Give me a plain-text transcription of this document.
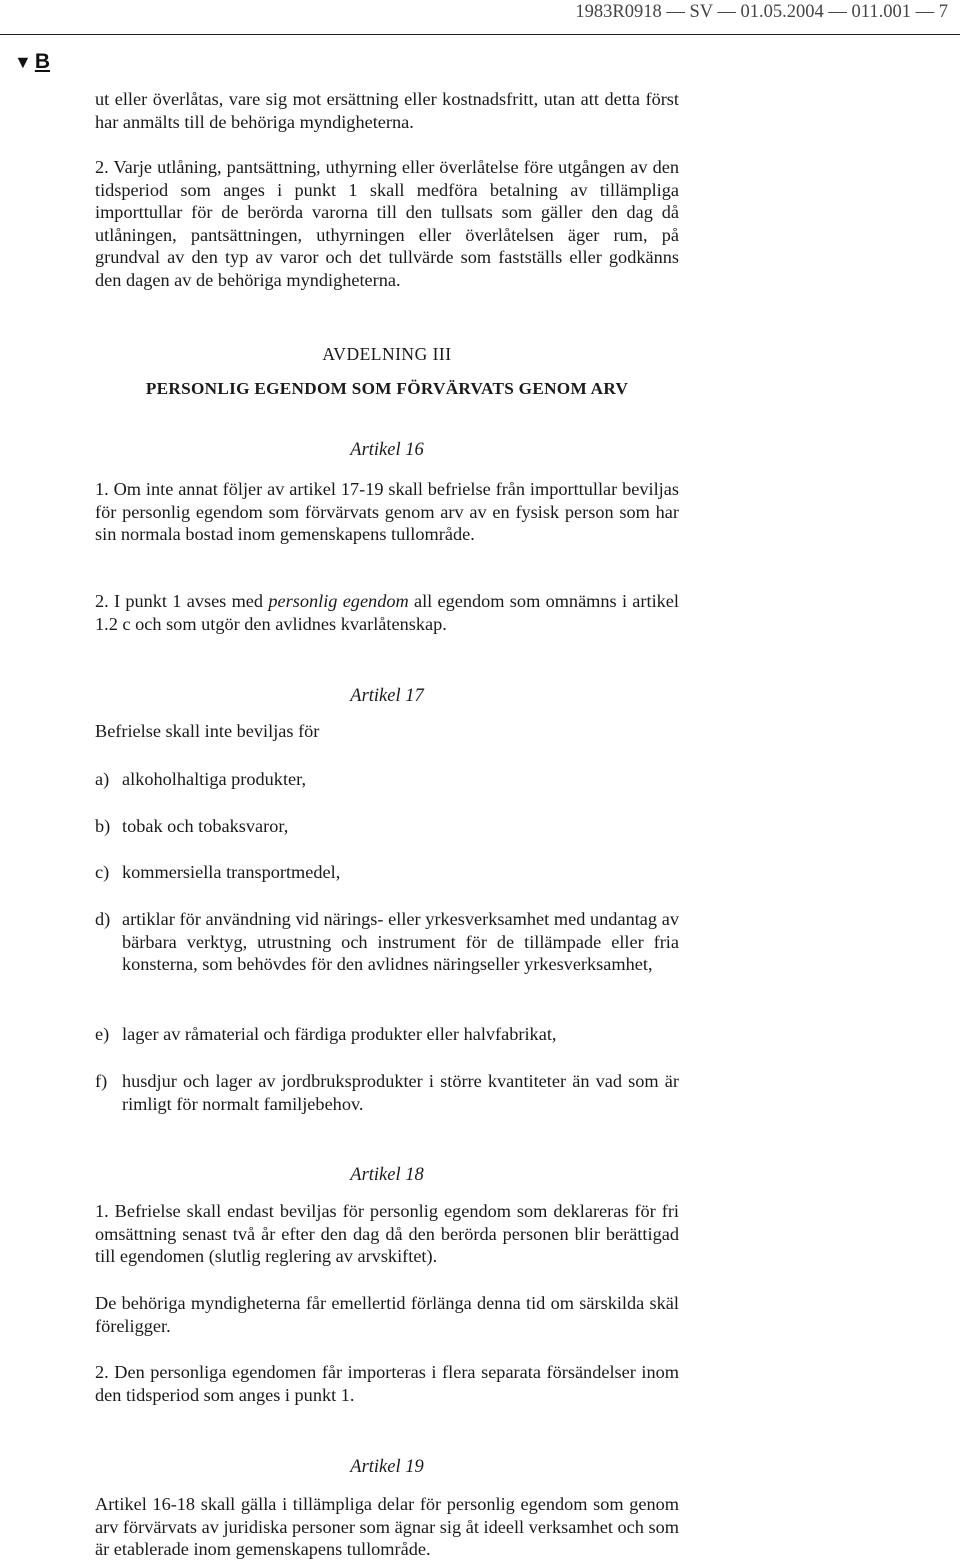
1983R0918 — SV — 01.05.2004 — 011.001 — 7
▼ B

ut eller överlåtas, vare sig mot ersättning eller kostnadsfritt, utan att detta först har anmälts till de behöriga myndigheterna.

2. Varje utlåning, pantsättning, uthyrning eller överlåtelse före utgången av den tidsperiod som anges i punkt 1 skall medföra betalning av tillämpliga importtullar för de berörda varorna till den tullsats som gäller den dag då utlåningen, pantsättningen, uthyrningen eller överlåtelsen äger rum, på grundval av den typ av varor och det tullvärde som fastställs eller godkänns den dagen av de behöriga myndigheterna.

AVDELNING III
PERSONLIG EGENDOM SOM FÖRVÄRVATS GENOM ARV
Artikel 16

1. Om inte annat följer av artikel 17-19 skall befrielse från importtullar beviljas för personlig egendom som förvärvats genom arv av en fysisk person som har sin normala bostad inom gemenskapens tullområde.

2. I punkt 1 avses med personlig egendom all egendom som omnämns i artikel 1.2 c och som utgör den avlidnes kvarlåtenskap.

Artikel 17

Befrielse skall inte beviljas för

a) alkoholhaltiga produkter,
b) tobak och tobaksvaror,
c) kommersiella transportmedel,
d) artiklar för användning vid närings- eller yrkesverksamhet med undantag av bärbara verktyg, utrustning och instrument för de tillämpade eller fria konsterna, som behövdes för den avlidnes näringseller yrkesverksamhet,
e) lager av råmaterial och färdiga produkter eller halvfabrikat,
f) husdjur och lager av jordbruksprodukter i större kvantiteter än vad som är rimligt för normalt familjebehov.
Artikel 18

1. Befrielse skall endast beviljas för personlig egendom som deklareras för fri omsättning senast två år efter den dag då den berörda personen blir berättigad till egendomen (slutlig reglering av arvskiftet).

De behöriga myndigheterna får emellertid förlänga denna tid om särskilda skäl föreligger.

2. Den personliga egendomen får importeras i flera separata försändelser inom den tidsperiod som anges i punkt 1.

Artikel 19

Artikel 16-18 skall gälla i tillämpliga delar för personlig egendom som genom arv förvärvats av juridiska personer som ägnar sig åt ideell verksamhet och som är etablerade inom gemenskapens tullområde.
